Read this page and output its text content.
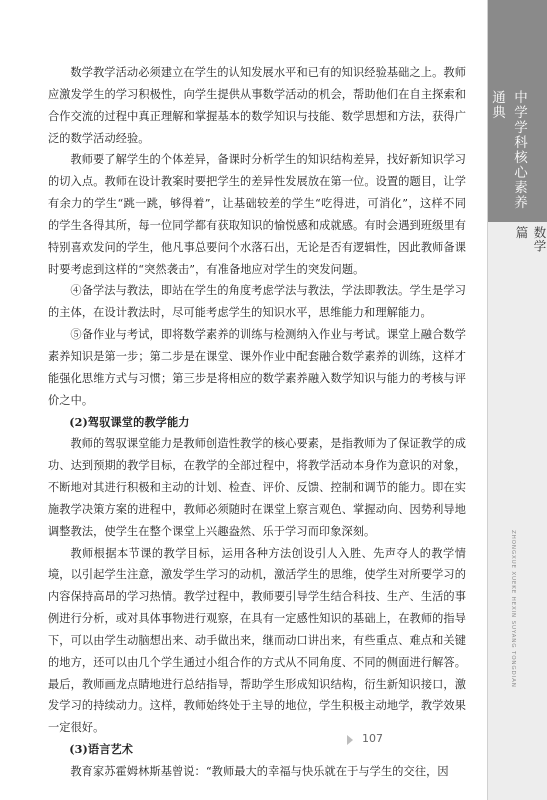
数学教学活动必须建立在学生的认知发展水平和已有的知识经验基础之上。教师应激发学生的学习积极性，向学生提供从事数学活动的机会，帮助他们在自主探索和合作交流的过程中真正理解和掌握基本的数学知识与技能、数学思想和方法，获得广泛的数学活动经验。

教师要了解学生的个体差异，备课时分析学生的知识结构差异，找好新知识学习的切入点。教师在设计教案时要把学生的差异性发展放在第一位。设置的题目，让学有余力的学生“跳一跳，够得着”，让基础较差的学生“吃得进，可消化”，这样不同的学生各得其所，每一位同学都有获取知识的愉悦感和成就感。有时会遇到班级里有特别喜欢发问的学生，他凡事总要问个水落石出，无论是否有逻辑性，因此教师备课时要考虑到这样的“突然袭击”，有准备地应对学生的突发问题。

④备学法与教法，即站在学生的角度考虑学法与教法，学法即教法。学生是学习的主体，在设计教法时，尽可能考虑学生的知识水平，思维能力和理解能力。

⑤备作业与考试，即将数学素养的训练与检测纳入作业与考试。课堂上融合数学素养知识是第一步；第二步是在课堂、课外作业中配套融合数学素养的训练，这样才能强化思维方式与习惯；第三步是将相应的数学素养融入数学知识与能力的考核与评价之中。

(2)驾驭课堂的教学能力

教师的驾驭课堂能力是教师创造性教学的核心要素，是指教师为了保证教学的成功、达到预期的教学目标，在教学的全部过程中，将教学活动本身作为意识的对象，不断地对其进行积极和主动的计划、检查、评价、反馈、控制和调节的能力。即在实施教学决策方案的进程中，教师必须随时在课堂上察言观色、掌握动向、因势利导地调整教法，使学生在整个课堂上兴趣盎然、乐于学习而印象深刻。

教师根据本节课的教学目标，运用各种方法创设引人入胜、先声夺人的教学情境，以引起学生注意，激发学生学习的动机，激活学生的思维，使学生对所要学习的内容保持高昂的学习热情。教学过程中，教师要引导学生结合科技、生产、生活的事例进行分析，或对具体事物进行观察，在具有一定感性知识的基础上，在教师的指导下，可以由学生动脑想出来、动手做出来，继而动口讲出来，有些重点、难点和关键的地方，还可以由几个学生通过小组合作的方式从不同角度、不同的侧面进行解答。最后，教师画龙点睛地进行总结指导，帮助学生形成知识结构，衍生新知识接口，激发学习的持续动力。这样，教师始终处于主导的地位，学生积极主动地学，教学效果一定很好。

(3)语言艺术

教育家苏霍姆林斯基曾说：“教师最大的幸福与快乐就在于与学生的交往，因

中学学科核心素养通典
数学篇
ZHONGXUE XUEKE HEXIN SUYANG TONGDIAN
107
